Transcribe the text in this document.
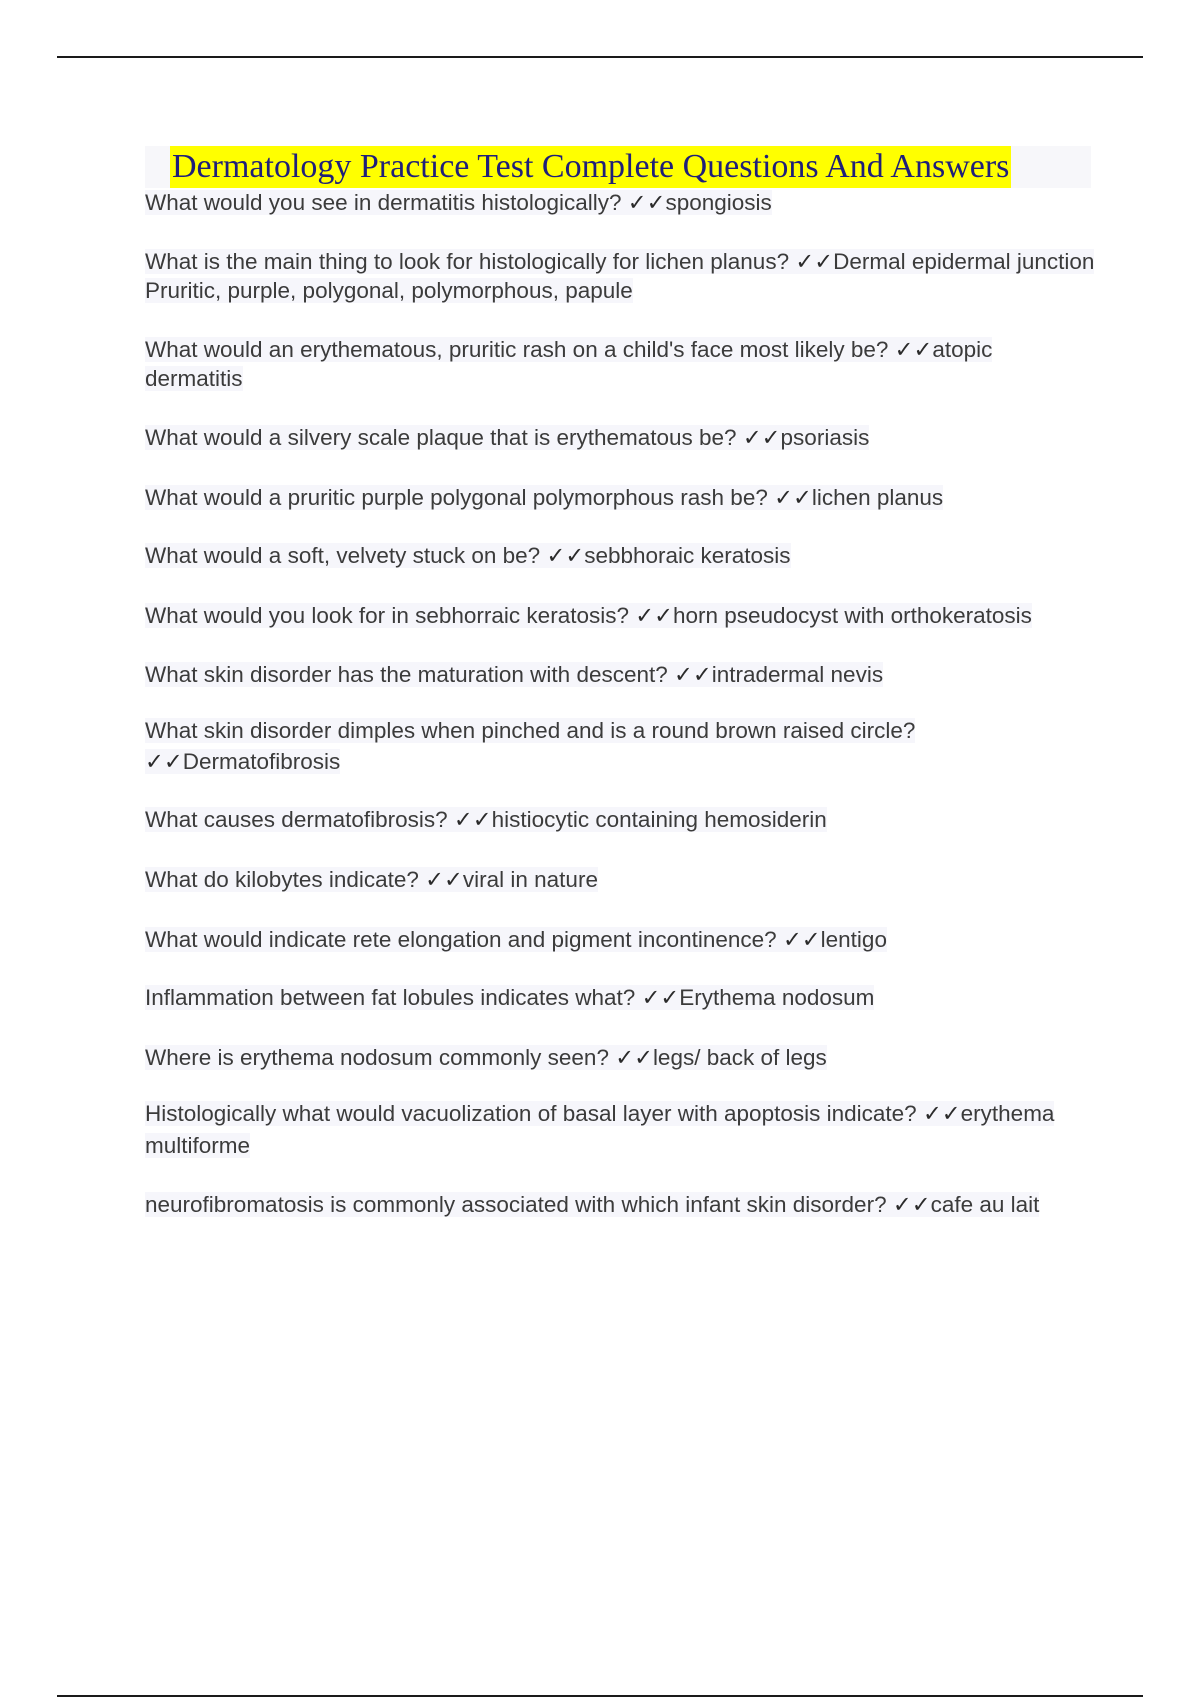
Dermatology Practice Test Complete Questions And Answers
What would you see in dermatitis histologically? ✓✓spongiosis
What is the main thing to look for histologically for lichen planus? ✓✓Dermal epidermal junction Pruritic, purple, polygonal, polymorphous, papule
What would an erythematous, pruritic rash on a child's face most likely be? ✓✓atopic dermatitis
What would a silvery scale plaque that is erythematous be? ✓✓psoriasis
What would a pruritic purple polygonal polymorphous rash be? ✓✓lichen planus
What would a soft, velvety stuck on be? ✓✓sebbhoraic keratosis
What would you look for in sebhorraic keratosis? ✓✓horn pseudocyst with orthokeratosis
What skin disorder has the maturation with descent? ✓✓intradermal nevis
What skin disorder dimples when pinched and is a round brown raised circle? ✓✓Dermatofibrosis
What causes dermatofibrosis? ✓✓histiocytic containing hemosiderin
What do kilobytes indicate? ✓✓viral in nature
What would indicate rete elongation and pigment incontinence? ✓✓lentigo
Inflammation between fat lobules indicates what? ✓✓Erythema nodosum
Where is erythema nodosum commonly seen? ✓✓legs/ back of legs
Histologically what would vacuolization of basal layer with apoptosis indicate? ✓✓erythema multiforme
neurofibromatosis is commonly associated with which infant skin disorder? ✓✓cafe au lait
